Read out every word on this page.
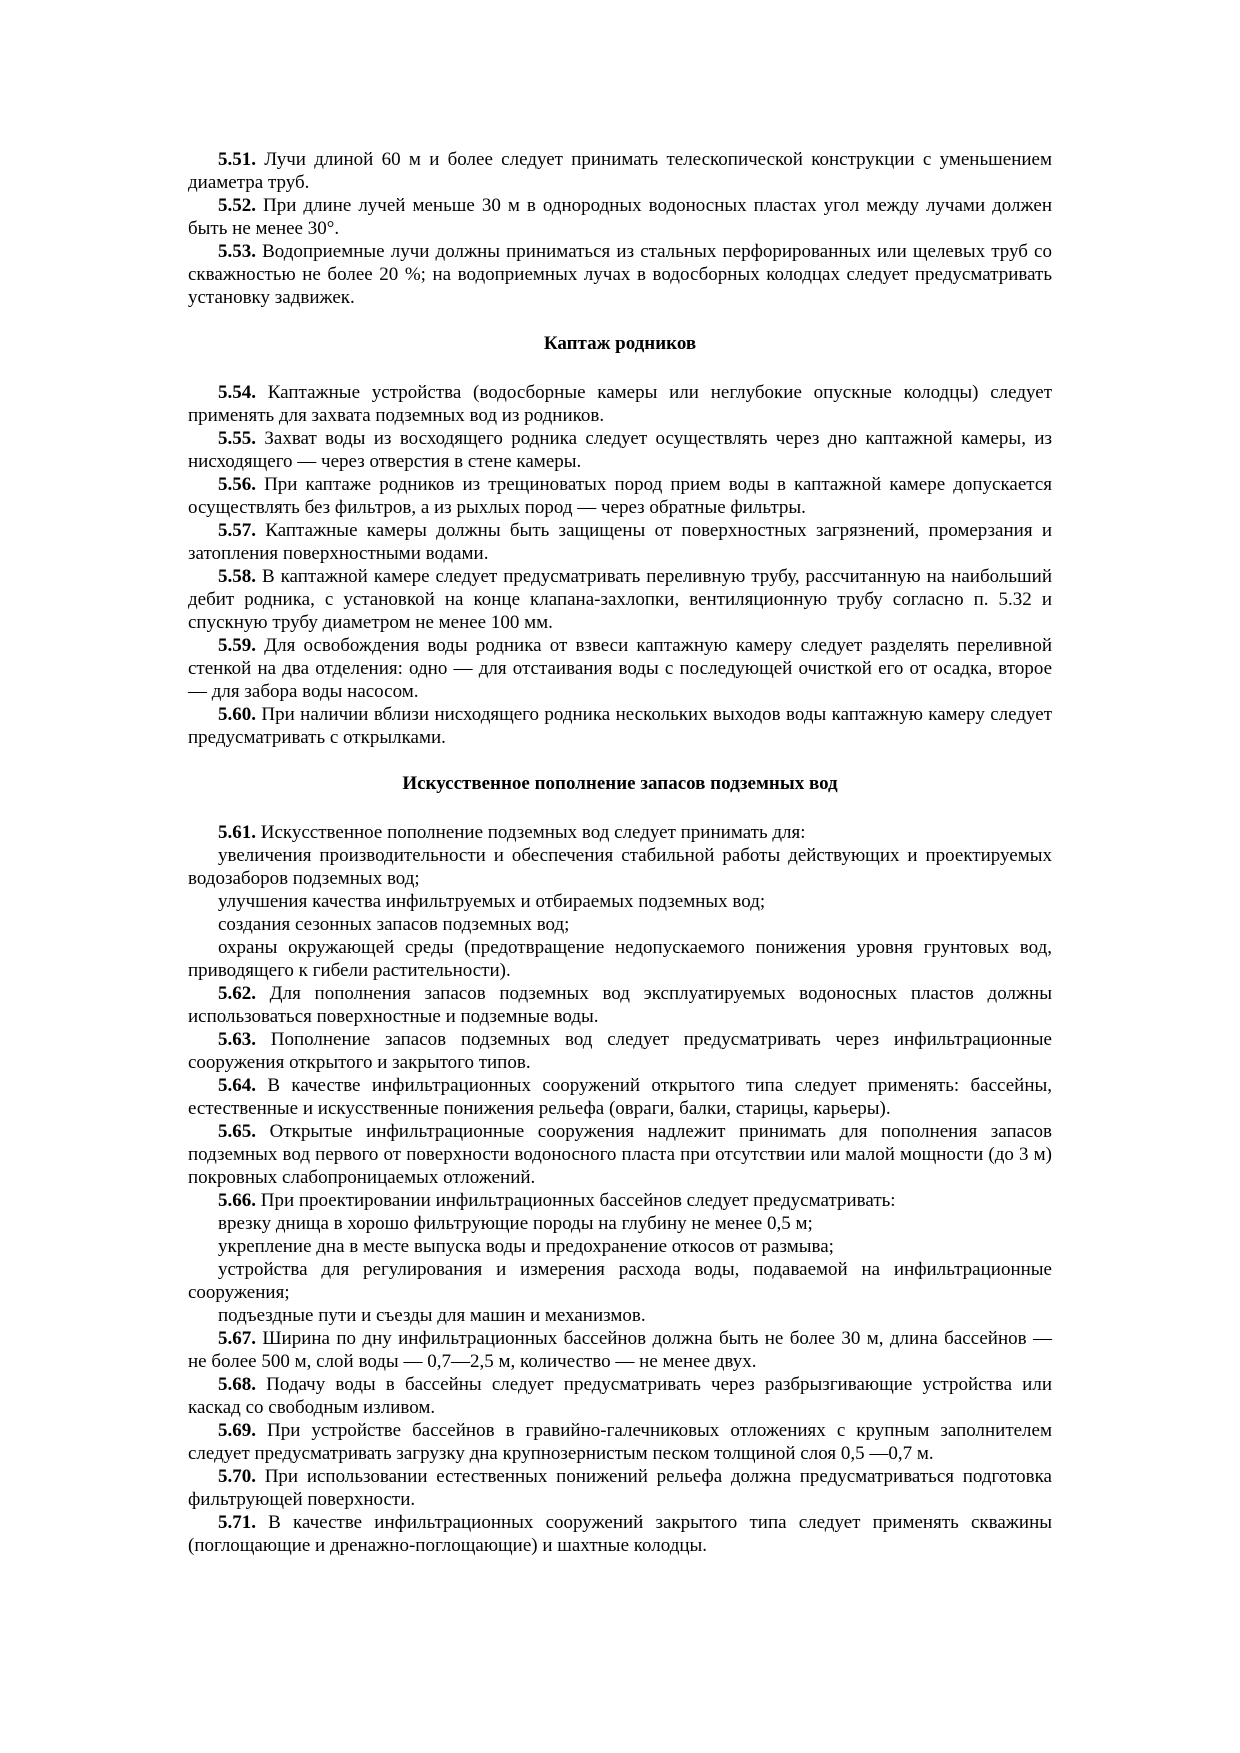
5.51. Лучи длиной 60 м и более следует принимать телескопической конструкции с уменьшением диаметра труб.

5.52. При длине лучей меньше 30 м в однородных водоносных пластах угол между лучами должен быть не менее 30°.

5.53. Водоприемные лучи должны приниматься из стальных перфорированных или щелевых труб со скважностью не более 20 %; на водоприемных лучах в водосборных колодцах следует предусматривать установку задвижек.

Каптаж родников

5.54. Каптажные устройства (водосборные камеры или неглубокие опускные колодцы) следует применять для захвата подземных вод из родников.

5.55. Захват воды из восходящего родника следует осуществлять через дно каптажной камеры, из нисходящего — через отверстия в стене камеры.

5.56. При каптаже родников из трещиноватых пород прием воды в каптажной камере допускается осуществлять без фильтров, а из рыхлых пород — через обратные фильтры.

5.57. Каптажные камеры должны быть защищены от поверхностных загрязнений, промерзания и затопления поверхностными водами.

5.58. В каптажной камере следует предусматривать переливную трубу, рассчитанную на наибольший дебит родника, с установкой на конце клапана-захлопки, вентиляционную трубу согласно п. 5.32 и спускную трубу диаметром не менее 100 мм.

5.59. Для освобождения воды родника от взвеси каптажную камеру следует разделять переливной стенкой на два отделения: одно — для отстаивания воды с последующей очисткой его от осадка, второе — для забора воды насосом.

5.60. При наличии вблизи нисходящего родника нескольких выходов воды каптажную камеру следует предусматривать с открылками.

Искусственное пополнение запасов подземных вод

5.61. Искусственное пополнение подземных вод следует принимать для:

увеличения производительности и обеспечения стабильной работы действующих и проектируемых водозаборов подземных вод;

улучшения качества инфильтруемых и отбираемых подземных вод;

создания сезонных запасов подземных вод;

охраны окружающей среды (предотвращение недопускаемого понижения уровня грунтовых вод, приводящего к гибели растительности).

5.62. Для пополнения запасов подземных вод эксплуатируемых водоносных пластов должны использоваться поверхностные и подземные воды.

5.63. Пополнение запасов подземных вод следует предусматривать через инфильтрационные сооружения открытого и закрытого типов.

5.64. В качестве инфильтрационных сооружений открытого типа следует применять: бассейны, естественные и искусственные понижения рельефа (овраги, балки, старицы, карьеры).

5.65. Открытые инфильтрационные сооружения надлежит принимать для пополнения запасов подземных вод первого от поверхности водоносного пласта при отсутствии или малой мощности (до 3 м) покровных слабопроницаемых отложений.

5.66. При проектировании инфильтрационных бассейнов следует предусматривать:

врезку днища в хорошо фильтрующие породы на глубину не менее 0,5 м;

укрепление дна в месте выпуска воды и предохранение откосов от размыва;

устройства для регулирования и измерения расхода воды, подаваемой на инфильтрационные сооружения;

подъездные пути и съезды для машин и механизмов.

5.67. Ширина по дну инфильтрационных бассейнов должна быть не более 30 м, длина бассейнов — не более 500 м, слой воды — 0,7—2,5 м, количество — не менее двух.

5.68. Подачу воды в бассейны следует предусматривать через разбрызгивающие устройства или каскад со свободным изливом.

5.69. При устройстве бассейнов в гравийно-галечниковых отложениях с крупным заполнителем следует предусматривать загрузку дна крупнозернистым песком толщиной слоя 0,5 —0,7 м.

5.70. При использовании естественных понижений рельефа должна предусматриваться подготовка фильтрующей поверхности.

5.71. В качестве инфильтрационных сооружений закрытого типа следует применять скважины (поглощающие и дренажно-поглощающие) и шахтные колодцы.
